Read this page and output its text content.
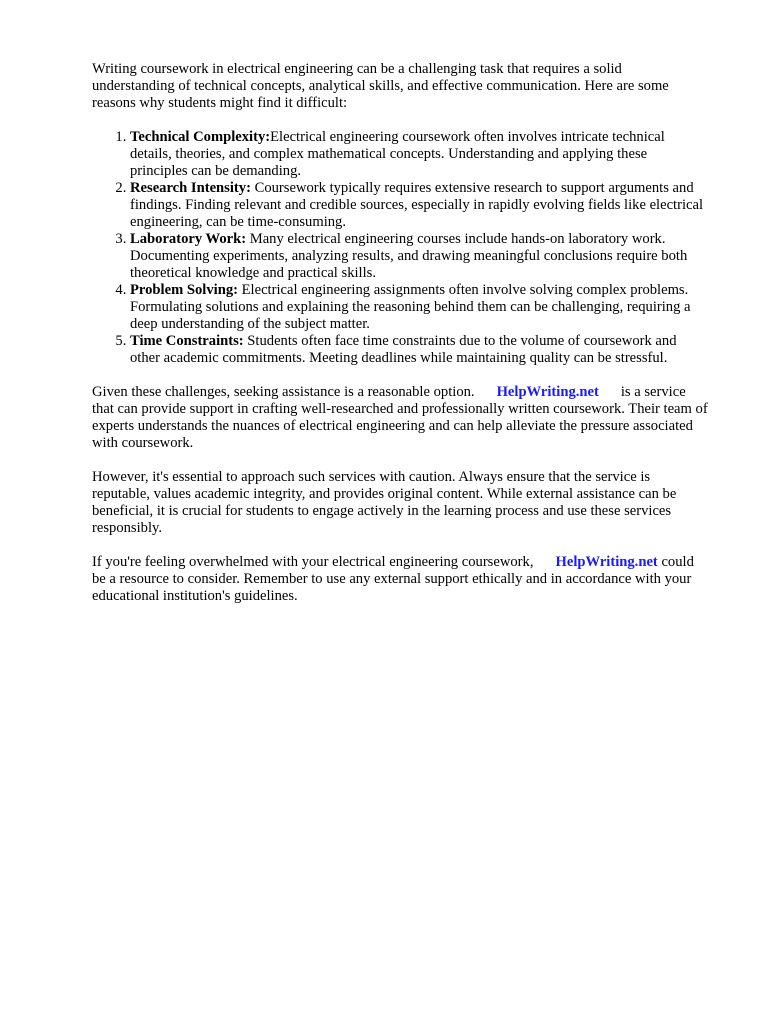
Writing coursework in electrical engineering can be a challenging task that requires a solid understanding of technical concepts, analytical skills, and effective communication. Here are some reasons why students might find it difficult:

1. Technical Complexity:Electrical engineering coursework often involves intricate technical details, theories, and complex mathematical concepts. Understanding and applying these principles can be demanding.
2. Research Intensity: Coursework typically requires extensive research to support arguments and findings. Finding relevant and credible sources, especially in rapidly evolving fields like electrical engineering, can be time-consuming.
3. Laboratory Work: Many electrical engineering courses include hands-on laboratory work. Documenting experiments, analyzing results, and drawing meaningful conclusions require both theoretical knowledge and practical skills.
4. Problem Solving: Electrical engineering assignments often involve solving complex problems. Formulating solutions and explaining the reasoning behind them can be challenging, requiring a deep understanding of the subject matter.
5. Time Constraints: Students often face time constraints due to the volume of coursework and other academic commitments. Meeting deadlines while maintaining quality can be stressful.

Given these challenges, seeking assistance is a reasonable option. HelpWriting.net is a service that can provide support in crafting well-researched and professionally written coursework. Their team of experts understands the nuances of electrical engineering and can help alleviate the pressure associated with coursework.

However, it's essential to approach such services with caution. Always ensure that the service is reputable, values academic integrity, and provides original content. While external assistance can be beneficial, it is crucial for students to engage actively in the learning process and use these services responsibly.

If you're feeling overwhelmed with your electrical engineering coursework, HelpWriting.net could be a resource to consider. Remember to use any external support ethically and in accordance with your educational institution's guidelines.
